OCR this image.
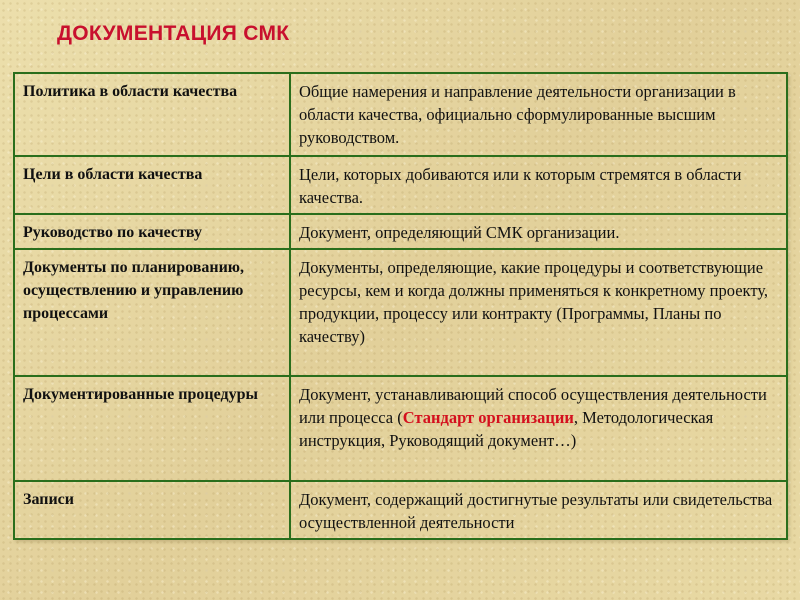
ДОКУМЕНТАЦИЯ СМК
Политика в области качества	Общие намерения и направление деятельности организации в области качества, официально сформулированные высшим руководством.
Цели в области качества	Цели, которых добиваются или к которым стремятся в области качества.
Руководство по качеству	Документ, определяющий СМК организации.
Документы по планированию, осуществлению и управлению процессами	Документы, определяющие, какие процедуры и соответствующие ресурсы, кем и когда должны применяться к конкретному проекту, продукции, процессу или контракту (Программы, Планы по качеству)
Документированные процедуры	Документ, устанавливающий способ осуществления деятельности или процесса (Стандарт организации, Методологическая инструкция, Руководящий документ…)
Записи	Документ, содержащий достигнутые результаты или свидетельства осуществленной деятельности
